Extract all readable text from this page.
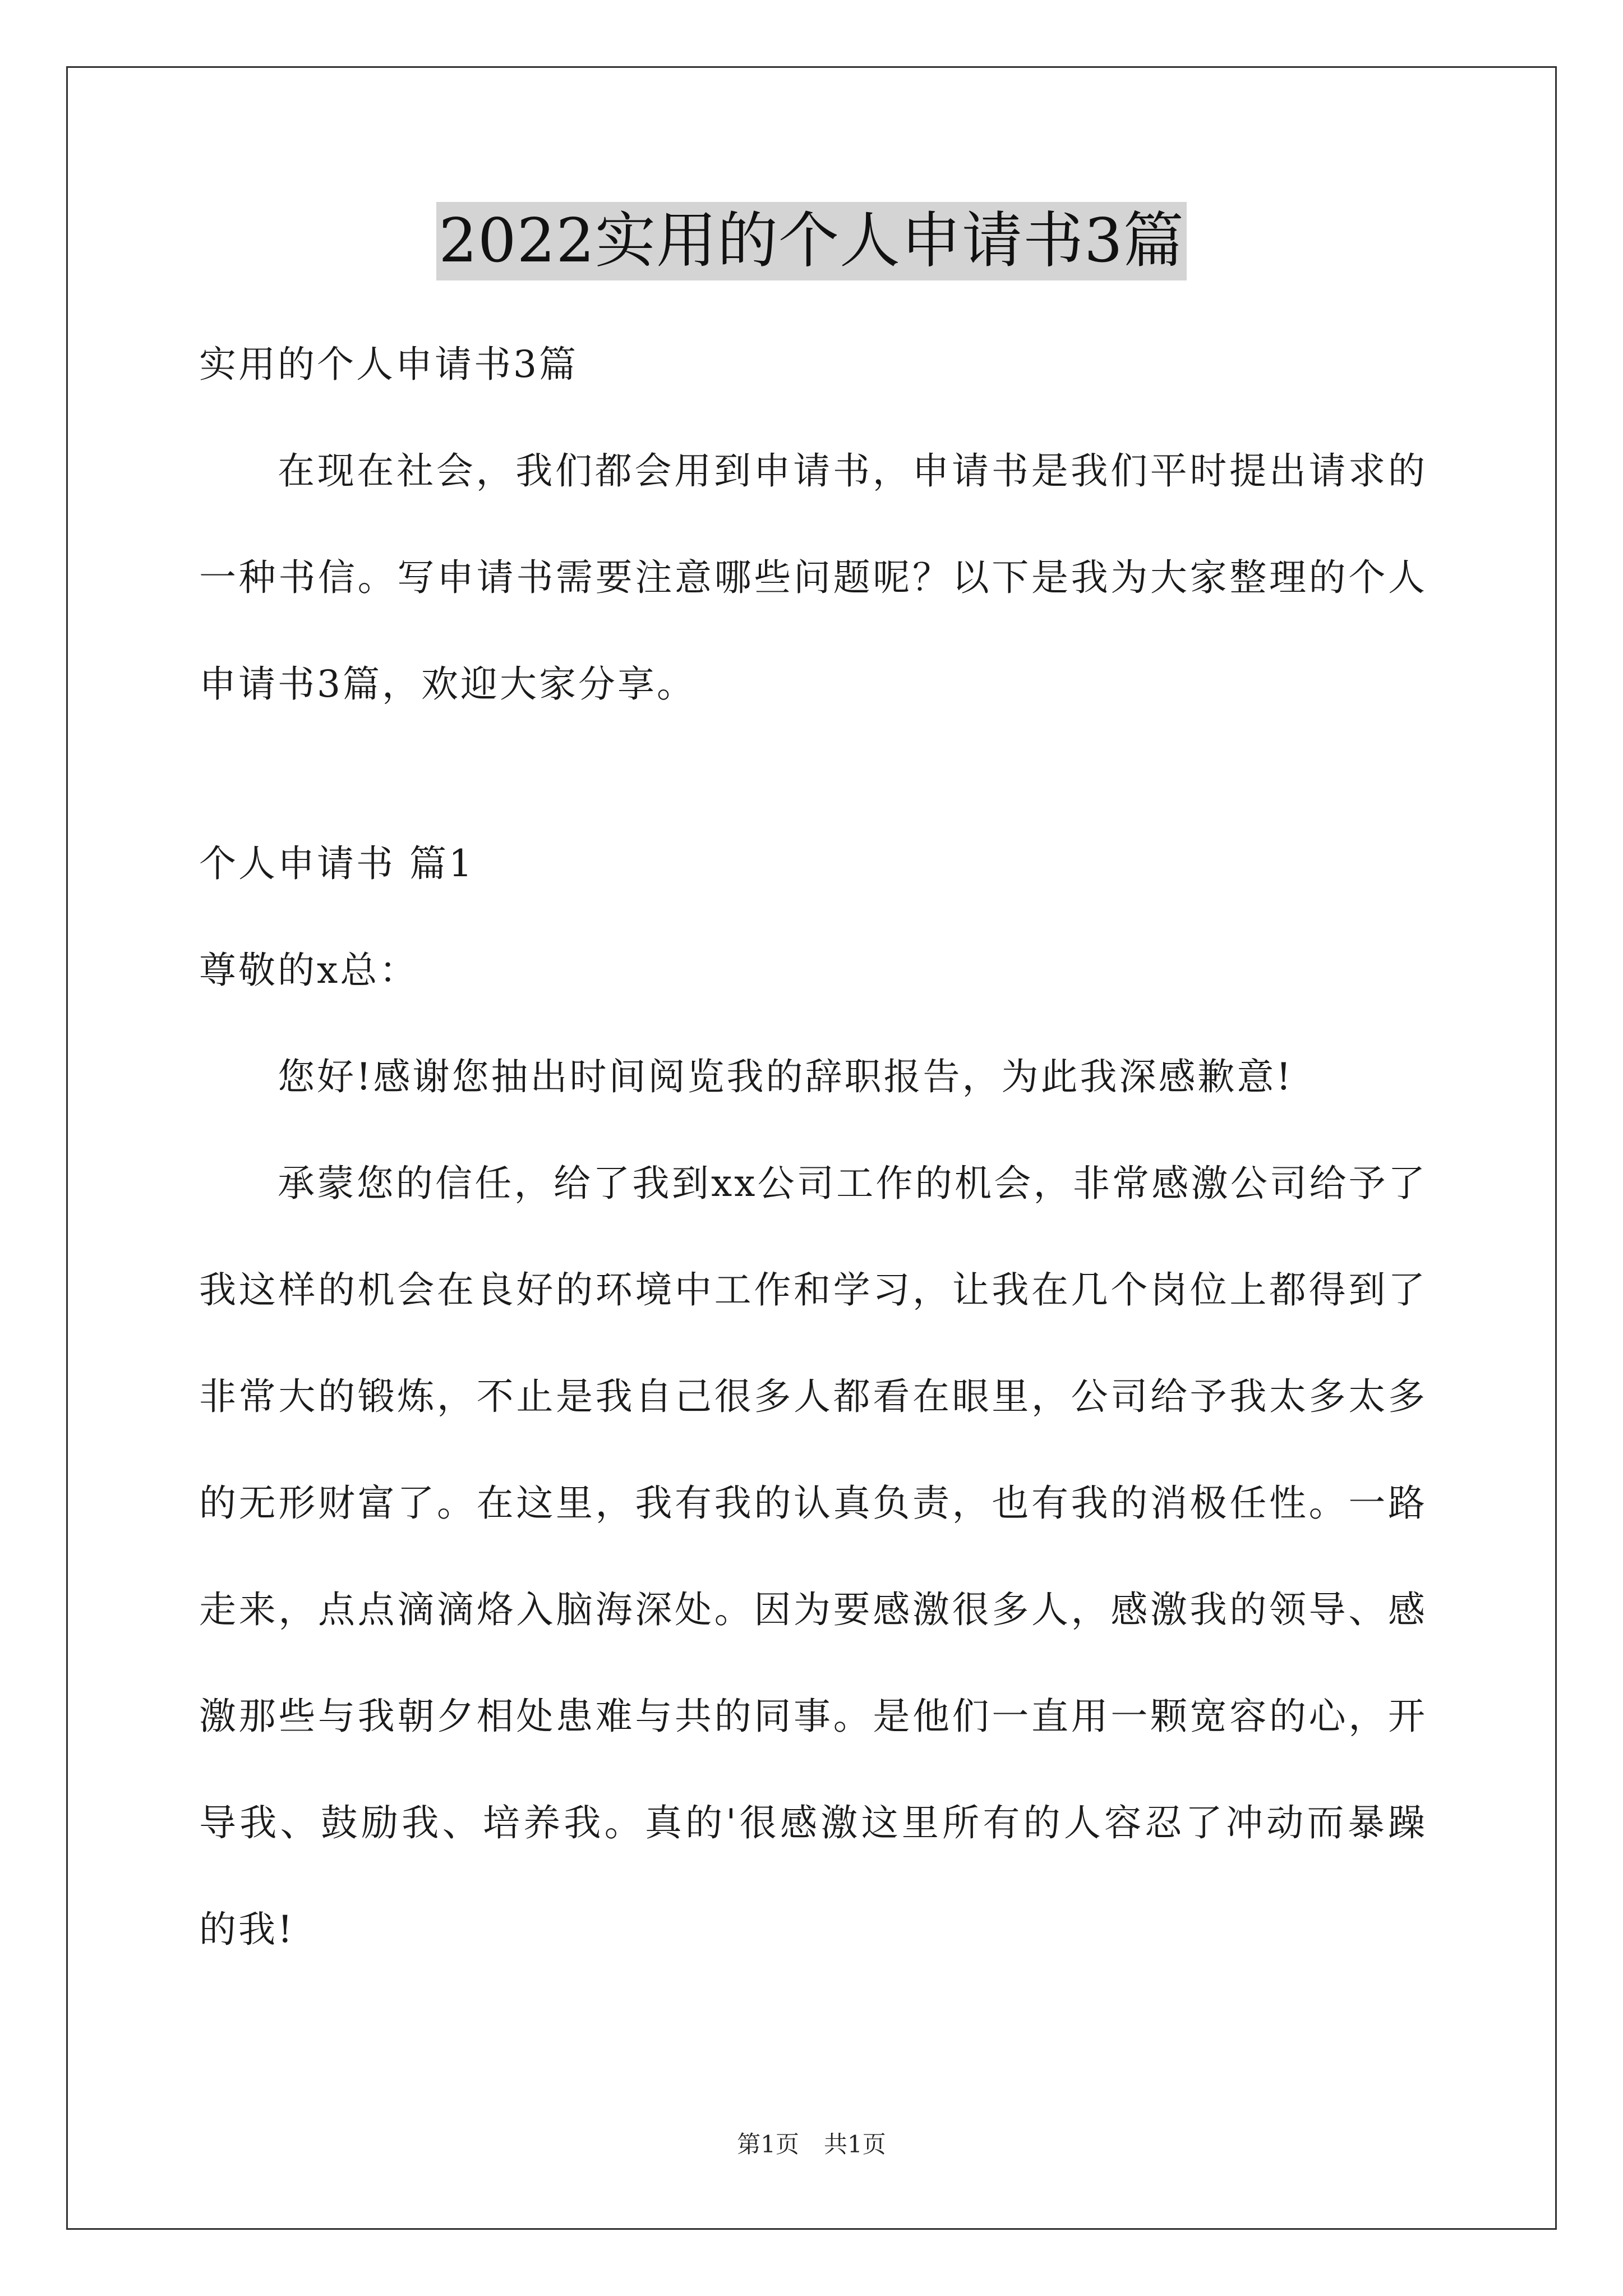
2022实用的个人申请书3篇

实用的个人申请书3篇

在现在社会，我们都会用到申请书，申请书是我们平时提出请求的一种书信。写申请书需要注意哪些问题呢？以下是我为大家整理的个人申请书3篇，欢迎大家分享。

个人申请书 篇1

尊敬的x总：

您好!感谢您抽出时间阅览我的辞职报告，为此我深感歉意!

承蒙您的信任，给了我到xx公司工作的机会，非常感激公司给予了我这样的机会在良好的环境中工作和学习，让我在几个岗位上都得到了非常大的锻炼，不止是我自己很多人都看在眼里，公司给予我太多太多的无形财富了。在这里，我有我的认真负责，也有我的消极任性。一路走来，点点滴滴烙入脑海深处。因为要感激很多人，感激我的领导、感激那些与我朝夕相处患难与共的同事。是他们一直用一颗宽容的心，开导我、鼓励我、培养我。真的'很感激这里所有的人容忍了冲动而暴躁的我!

第1页 共1页
